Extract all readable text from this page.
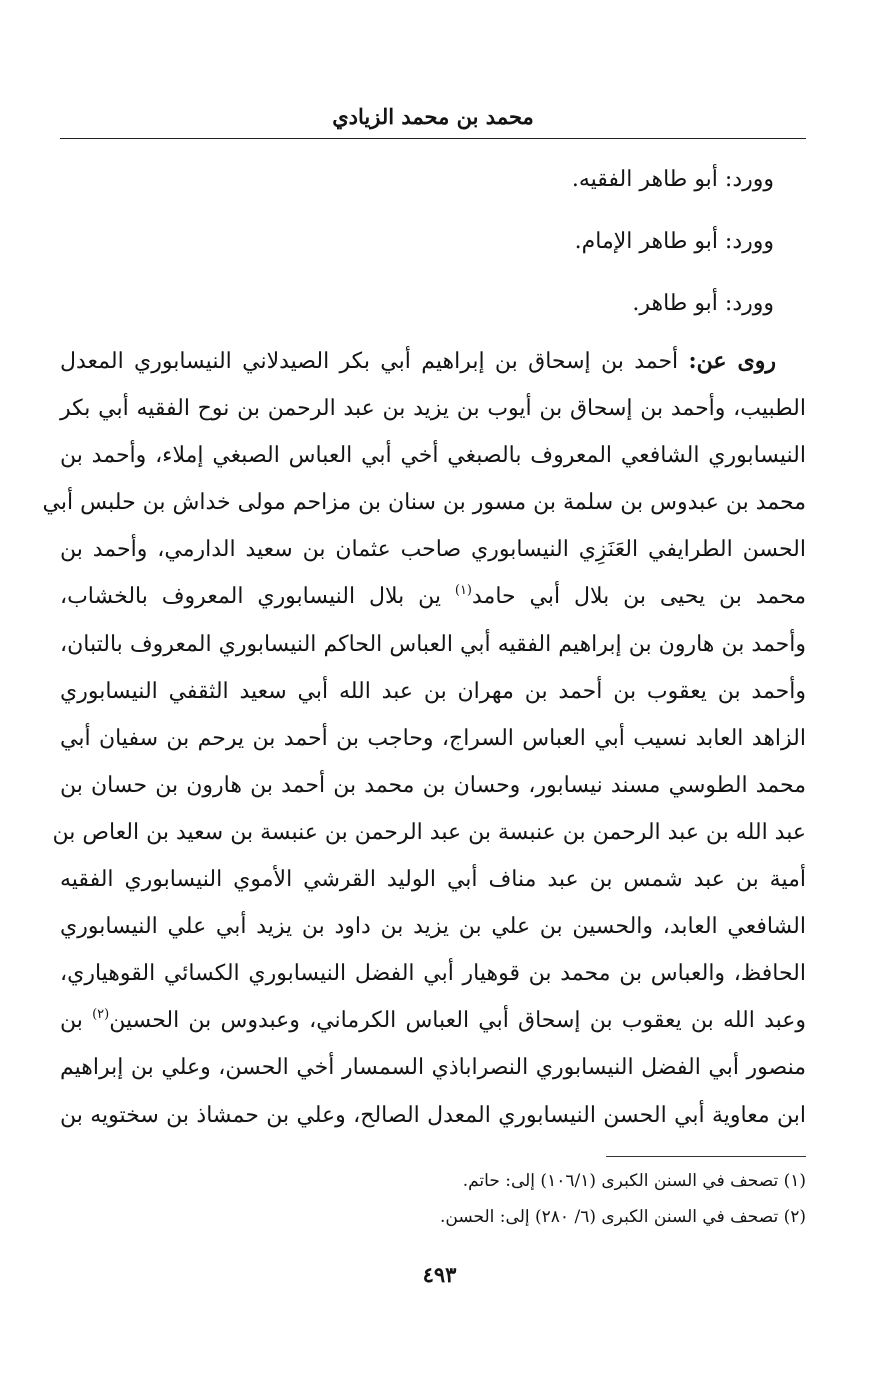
محمد بن محمد الزيادي
وورد: أبو طاهر الفقيه.
وورد: أبو طاهر الإمام.
وورد: أبو طاهر.
روى عن: أحمد بن إسحاق بن إبراهيم أبي بكر الصيدلاني النيسابوري المعدل
الطبيب، وأحمد بن إسحاق بن أيوب بن يزيد بن عبد الرحمن بن نوح الفقيه أبي بكر
النيسابوري الشافعي المعروف بالصبغي أخي أبي العباس الصبغي إملاء، وأحمد بن
محمد بن عبدوس بن سلمة بن مسور بن سنان بن مزاحم مولى خداش بن حلبس أبي
الحسن الطرايفي العَنَزِي النيسابوري صاحب عثمان بن سعيد الدارمي، وأحمد بن
محمد بن يحيى بن بلال أبي حامد$^{(١)}$ ين بلال النيسابوري المعروف بالخشاب،
وأحمد بن هارون بن إبراهيم الفقيه أبي العباس الحاكم النيسابوري المعروف بالتبان،
وأحمد بن يعقوب بن أحمد بن مهران بن عبد الله أبي سعيد الثقفي النيسابوري
الزاهد العابد نسيب أبي العباس السراج، وحاجب بن أحمد بن يرحم بن سفيان أبي
محمد الطوسي مسند نيسابور، وحسان بن محمد بن أحمد بن هارون بن حسان بن
عبد الله بن عبد الرحمن بن عنبسة بن عبد الرحمن بن عنبسة بن سعيد بن العاص بن
أمية بن عبد شمس بن عبد مناف أبي الوليد القرشي الأموي النيسابوري الفقيه
الشافعي العابد، والحسين بن علي بن يزيد بن داود بن يزيد أبي علي النيسابوري
الحافظ، والعباس بن محمد بن قوهيار أبي الفضل النيسابوري الكسائي القوهياري،
وعبد الله بن يعقوب بن إسحاق أبي العباس الكرماني، وعبدوس بن الحسين$^{(٢)}$ بن
منصور أبي الفضل النيسابوري النصراباذي السمسار أخي الحسن، وعلي بن إبراهيم
ابن معاوية أبي الحسن النيسابوري المعدل الصالح، وعلي بن حمشاذ بن سختويه بن
(١) تصحف في السنن الكبرى (١٠٦/١) إلى: حاتم.
(٢) تصحف في السنن الكبرى (٦/ ٢٨٠) إلى: الحسن.
٤٩٣
